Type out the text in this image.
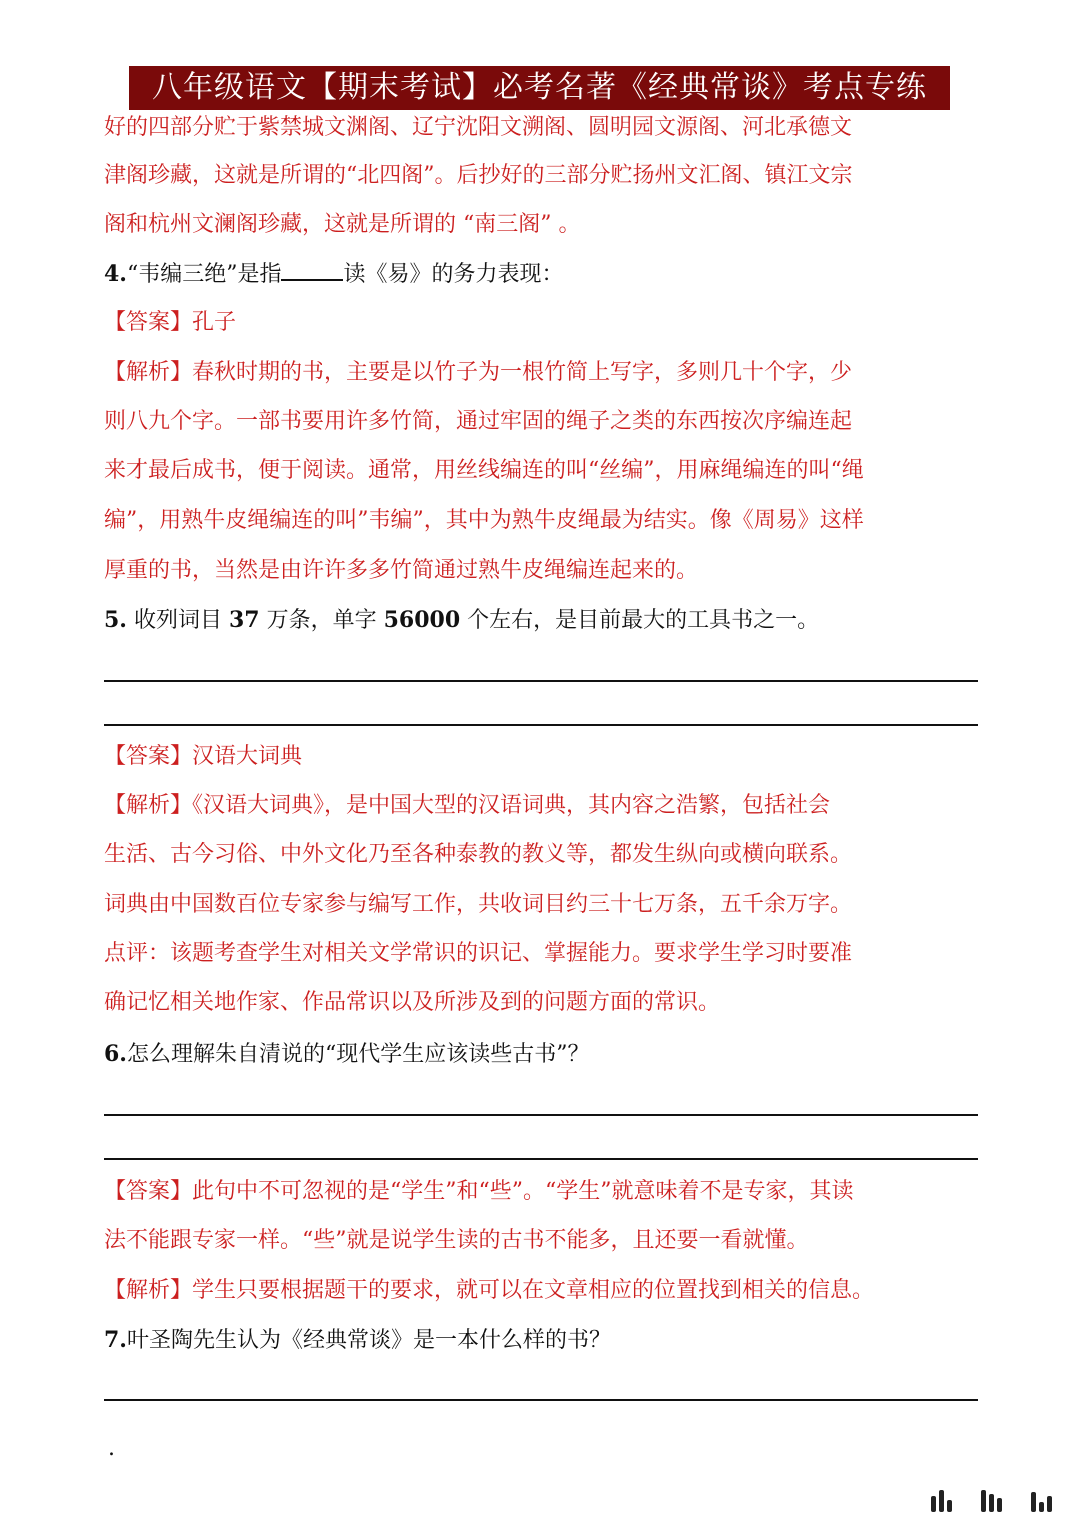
八年级语文【期末考试】必考名著《经典常谈》考点专练
好的四部分贮于紫禁城文渊阁、辽宁沈阳文溯阁、圆明园文源阁、河北承德文
津阁珍藏，这就是所谓的“北四阁”。后抄好的三部分贮扬州文汇阁、镇江文宗
阁和杭州文澜阁珍藏，这就是所谓的 “南三阁” 。
4.“韦编三绝”是指	读《易》的务力表现：
【答案】孔子
【解析】春秋时期的书，主要是以竹子为一根竹简上写字，多则几十个字，少
则八九个字。一部书要用许多竹简，通过牢固的绳子之类的东西按次序编连起
来才最后成书，便于阅读。通常，用丝线编连的叫“丝编”，用麻绳编连的叫“绳
编”，用熟牛皮绳编连的叫”韦编”，其中为熟牛皮绳最为结实。像《周易》这样
厚重的书，当然是由许许多多竹简通过熟牛皮绳编连起来的。
5. 收列词目 37 万条，单字 56000 个左右，是目前最大的工具书之一。
【答案】汉语大词典
【解析】《汉语大词典》，是中国大型的汉语词典，其内容之浩繁，包括社会
生活、古今习俗、中外文化乃至各种泰教的教义等，都发生纵向或横向联系。
词典由中国数百位专家参与编写工作，共收词目约三十七万条，五千余万字。
点评：该题考查学生对相关文学常识的识记、掌握能力。要求学生学习时要准
确记忆相关地作家、作品常识以及所涉及到的问题方面的常识。
6.怎么理解朱自清说的“现代学生应该读些古书”？
【答案】此句中不可忽视的是“学生”和“些”。“学生”就意味着不是专家，其读
法不能跟专家一样。“些”就是说学生读的古书不能多，且还要一看就懂。
【解析】学生只要根据题干的要求，就可以在文章相应的位置找到相关的信息。
7.叶圣陶先生认为《经典常谈》是一本什么样的书？
.
